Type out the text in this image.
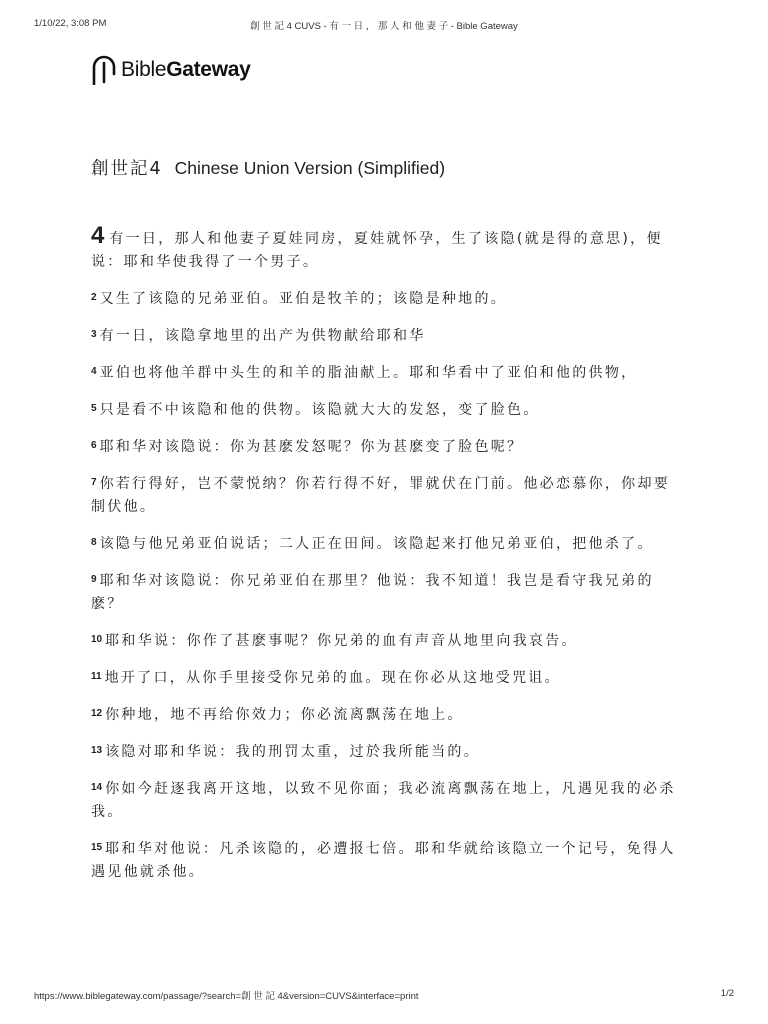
1/10/22, 3:08 PM	創 世 記 4 CUVS - 有 一 日 ， 那 人 和 他 妻 子 - Bible Gateway
BibleGateway
創世記4 Chinese Union Version (Simplified)

4 有一日，那人和他妻子夏娃同房，夏娃就怀孕，生了该隐(就是得的意思)，便说：耶和华使我得了一个男子。

$^2$ 又生了该隐的兄弟亚伯。亚伯是牧羊的；该隐是种地的。

$^3$ 有一日，该隐拿地里的出产为供物献给耶和华

$^4$ 亚伯也将他羊群中头生的和羊的脂油献上。耶和华看中了亚伯和他的供物，

$^5$ 只是看不中该隐和他的供物。该隐就大大的发怒，变了脸色。

$^6$ 耶和华对该隐说：你为甚麽发怒呢？你为甚麽变了脸色呢？

$^7$ 你若行得好，岂不蒙悦纳？你若行得不好，罪就伏在门前。他必恋慕你，你却要制伏他。

$^8$ 该隐与他兄弟亚伯说话；二人正在田间。该隐起来打他兄弟亚伯，把他杀了。

$^9$ 耶和华对该隐说：你兄弟亚伯在那里？他说：我不知道！我岂是看守我兄弟的麽？

$^{10}$ 耶和华说：你作了甚麽事呢？你兄弟的血有声音从地里向我哀告。

$^{11}$ 地开了口，从你手里接受你兄弟的血。现在你必从这地受咒诅。

$^{12}$ 你种地，地不再给你效力；你必流离飘荡在地上。

$^{13}$ 该隐对耶和华说：我的刑罚太重，过於我所能当的。

$^{14}$ 你如今赶逐我离开这地，以致不见你面；我必流离飘荡在地上，凡遇见我的必杀我。

$^{15}$ 耶和华对他说：凡杀该隐的，必遭报七倍。耶和华就给该隐立一个记号，免得人遇见他就杀他。

https://www.biblegateway.com/passage/?search=創 世 記 4&version=CUVS&interface=print	1/2
